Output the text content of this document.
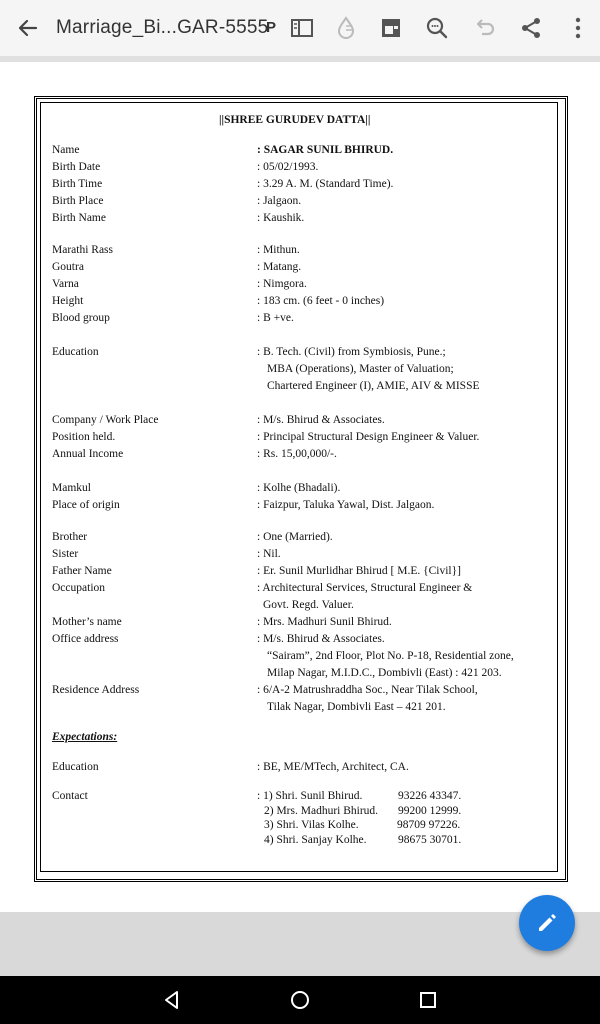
Marriage_Bi...GAR-5555
P
||SHREE GURUDEV DATTA||
Name	: SAGAR SUNIL BHIRUD.
Birth Date	: 05/02/1993.
Birth Time	: 3.29 A. M. (Standard Time).
Birth Place	: Jalgaon.
Birth Name	: Kaushik.
Marathi Rass	: Mithun.
Goutra	: Matang.
Varna	: Nimgora.
Height	: 183 cm. (6 feet - 0 inches)
Blood group	: B +ve.
Education	: B. Tech. (Civil) from Symbiosis, Pune.;
MBA (Operations), Master of Valuation;
Chartered Engineer (I), AMIE, AIV & MISSE
Company / Work Place	: M/s. Bhirud & Associates.
Position held.	: Principal Structural Design Engineer & Valuer.
Annual Income	: Rs. 15,00,000/-.
Mamkul	: Kolhe (Bhadali).
Place of origin	: Faizpur, Taluka Yawal, Dist. Jalgaon.
Brother	: One (Married).
Sister	: Nil.
Father Name	: Er. Sunil Murlidhar Bhirud [ M.E. {Civil}]
Occupation	: Architectural Services, Structural Engineer &
Govt. Regd. Valuer.
Mother’s name	: Mrs. Madhuri Sunil Bhirud.
Office address	: M/s. Bhirud & Associates.
“Sairam”, 2nd Floor, Plot No. P-18, Residential zone,
Milap Nagar, M.I.D.C., Dombivli (East) : 421 203.
Residence Address	: 6/A-2 Matrushraddha Soc., Near Tilak School,
Tilak Nagar, Dombivli East – 421 201.
Expectations:
Education	: BE, ME/MTech, Architect, CA.
Contact	: 1) Shri. Sunil Bhirud.	93226 43347.
2) Mrs. Madhuri Bhirud. 99200 12999.
3) Shri. Vilas Kolhe.	98709 97226.
4) Shri. Sanjay Kolhe.	98675 30701.
